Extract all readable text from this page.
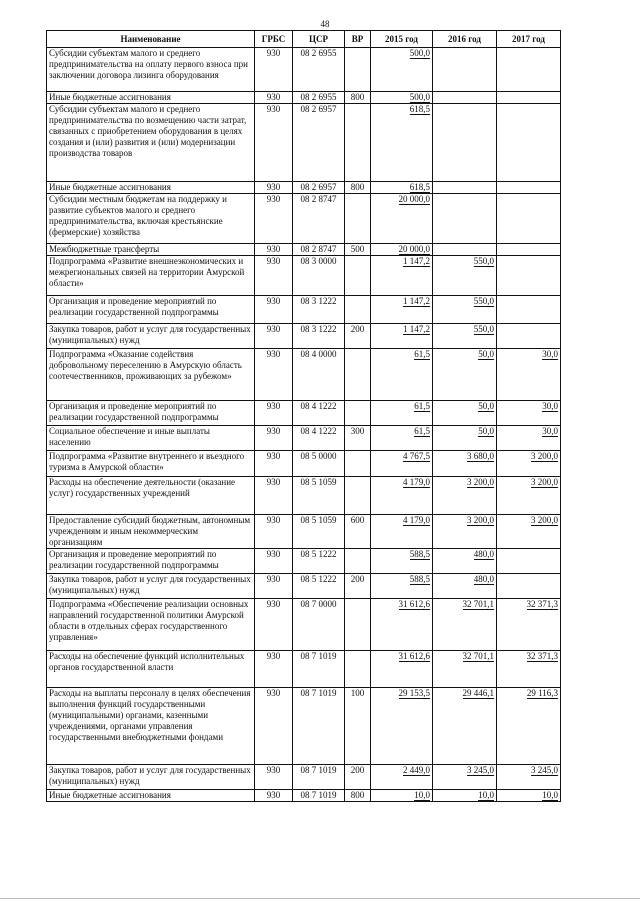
48
Наименование	ГРБС	ЦСР	ВР	2015 год	2016 год	2017 год
Субсидии субъектам малого и среднего предпринимательства на оплату первого взноса при заключении договора лизинга оборудования	930	08 2 6955		500,0		
Иные бюджетные ассигнования	930	08 2 6955	800	500,0		
Субсидии субъектам малого и среднего предпринимательства по возмещению части затрат, связанных с приобретением оборудования в целях создания и (или) развития и (или) модернизации производства товаров	930	08 2 6957		618,5		
Иные бюджетные ассигнования	930	08 2 6957	800	618,5		
Субсидии местным бюджетам на поддержку и развитие субъектов малого и среднего предпринимательства, включая крестьянские (фермерские) хозяйства	930	08 2 8747		20 000,0		
Межбюджетные трансферты	930	08 2 8747	500	20 000,0		
Подпрограмма «Развитие внешнеэкономических и межрегиональных связей на территории Амурской области»	930	08 3 0000		1 147,2	550,0	
Организация и проведение мероприятий по реализации государственной подпрограммы	930	08 3 1222		1 147,2	550,0	
Закупка товаров, работ и услуг для государственных (муниципальных) нужд	930	08 3 1222	200	1 147,2	550,0	
Подпрограмма «Оказание содействия добровольному переселению в Амурскую область соотечественников, проживающих за рубежом»	930	08 4 0000		61,5	50,0	30,0
Организация и проведение мероприятий по реализации государственной подпрограммы	930	08 4 1222		61,5	50,0	30,0
Социальное обеспечение и иные выплаты населению	930	08 4 1222	300	61,5	50,0	30,0
Подпрограмма «Развитие внутреннего и въездного туризма в Амурской области»	930	08 5 0000		4 767,5	3 680,0	3 200,0
Расходы на обеспечение деятельности (оказание услуг) государственных учреждений	930	08 5 1059		4 179,0	3 200,0	3 200,0
Предоставление субсидий бюджетным, автономным учреждениям и иным некоммерческим организациям	930	08 5 1059	600	4 179,0	3 200,0	3 200,0
Организация и проведение мероприятий по реализации государственной подпрограммы	930	08 5 1222		588,5	480,0	
Закупка товаров, работ и услуг для государственных (муниципальных) нужд	930	08 5 1222	200	588,5	480,0	
Подпрограмма «Обеспечение реализации основных направлений государственной политики Амурской области в отдельных сферах государственного управления»	930	08 7 0000		31 612,6	32 701,1	32 371,3
Расходы на обеспечение функций исполнительных органов государственной власти	930	08 7 1019		31 612,6	32 701,1	32 371,3
Расходы на выплаты персоналу в целях обеспечения выполнения функций государственными (муниципальными) органами, казенными учреждениями, органами управления государственными внебюджетными фондами	930	08 7 1019	100	29 153,5	29 446,1	29 116,3
Закупка товаров, работ и услуг для государственных (муниципальных) нужд	930	08 7 1019	200	2 449,0	3 245,0	3 245,0
Иные бюджетные ассигнования	930	08 7 1019	800	10,0	10,0	10,0
